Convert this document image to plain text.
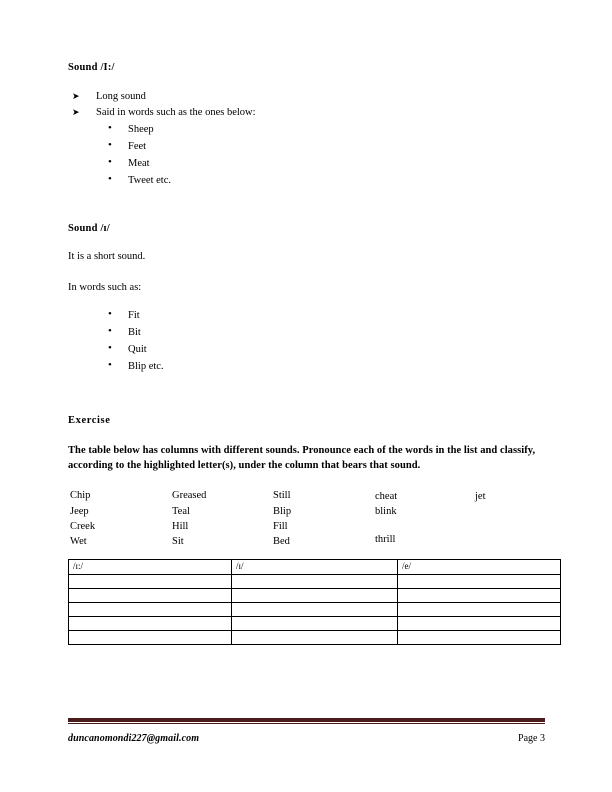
Sound /I:/
➤ Long sound
➤ Said in words such as the ones below:
• Sheep
• Feet
• Meat
• Tweet etc.
Sound /ɪ/

It is a short sound.

In words such as:

• Fit
• Bit
• Quit
• Blip etc.
Exercise

The table below has columns with different sounds. Pronounce each of the words in the list and classify, according to the highlighted letter(s), under the column that bears that sound.

Chip	Greased	Still	cheat	jet
Jeep	Teal	Blip	blink
Creek	Hill	Fill
Wet	Sit	Bed	thrill
/ɪ:/	/ɪ/	/e/

duncanomondi227@gmail.com	Page 3
